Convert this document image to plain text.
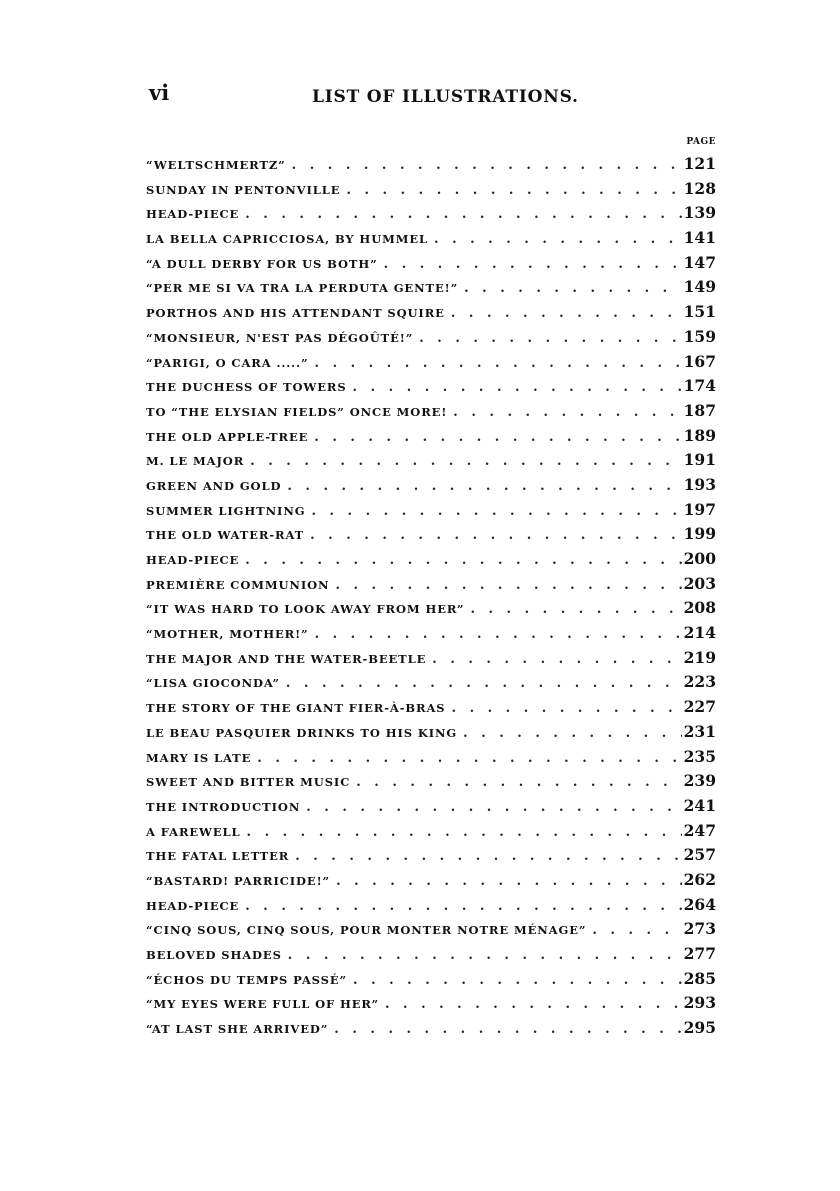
vi	LIST OF ILLUSTRATIONS.
PAGE
“WELTSCHMERTZ” . . .	121
SUNDAY IN PENTONVILLE . . .	128
HEAD-PIECE . . .	139
LA BELLA CAPRICCIOSA, BY HUMMEL . . .	141
“A DULL DERBY FOR US BOTH” . . .	147
“PER ME SI VA TRA LA PERDUTA GENTE!” . . .	149
PORTHOS AND HIS ATTENDANT SQUIRE . . .	151
“MONSIEUR, N'EST PAS DÉGOÛTÉ!” . . .	159
“PARIGI, O CARA .....” . . .	167
THE DUCHESS OF TOWERS . . .	174
TO “THE ELYSIAN FIELDS” ONCE MORE! . . .	187
THE OLD APPLE-TREE . . .	189
M. LE MAJOR . . .	191
GREEN AND GOLD . . .	193
SUMMER LIGHTNING . . .	197
THE OLD WATER-RAT . . .	199
HEAD-PIECE . . .	200
PREMIÈRE COMMUNION . . .	203
“IT WAS HARD TO LOOK AWAY FROM HER” . . .	208
“MOTHER, MOTHER!” . . .	214
THE MAJOR AND THE WATER-BEETLE . . .	219
“LISA GIOCONDA” . . .	223
THE STORY OF THE GIANT FIER-À-BRAS . . .	227
LE BEAU PASQUIER DRINKS TO HIS KING . . .	231
MARY IS LATE . . .	235
SWEET AND BITTER MUSIC . . .	239
THE INTRODUCTION . . .	241
A FAREWELL . . .	247
THE FATAL LETTER . . .	257
“BASTARD! PARRICIDE!” . . .	262
HEAD-PIECE . . .	264
“CINQ SOUS, CINQ SOUS, POUR MONTER NOTRE MÉNAGE” . . .	273
BELOVED SHADES . . .	277
“ÉCHOS DU TEMPS PASSÉ” . . .	285
“MY EYES WERE FULL OF HER” . . .	293
“AT LAST SHE ARRIVED” . . .	295
